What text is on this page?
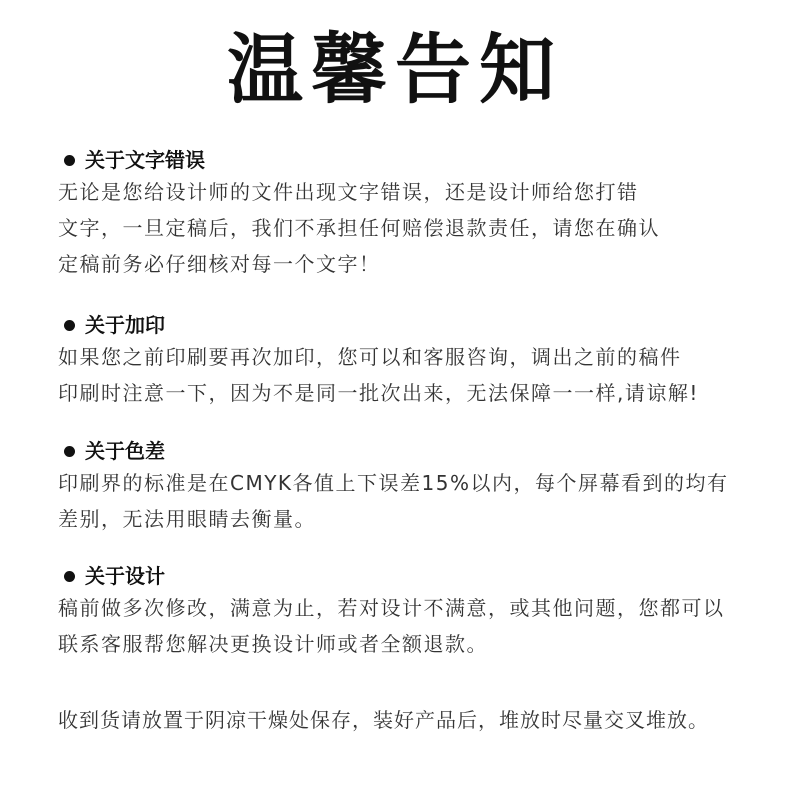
温馨告知
关于文字错误
无论是您给设计师的文件出现文字错误，还是设计师给您打错
文字，一旦定稿后，我们不承担任何赔偿退款责任，请您在确认
定稿前务必仔细核对每一个文字！
关于加印
如果您之前印刷要再次加印，您可以和客服咨询，调出之前的稿件
印刷时注意一下，因为不是同一批次出来，无法保障一一样,请谅解!
关于色差
印刷界的标准是在CMYK各值上下误差15%以内，每个屏幕看到的均有
差别，无法用眼睛去衡量。
关于设计
稿前做多次修改，满意为止，若对设计不满意，或其他问题，您都可以
联系客服帮您解决更换设计师或者全额退款。
收到货请放置于阴凉干燥处保存，装好产品后，堆放时尽量交叉堆放。
